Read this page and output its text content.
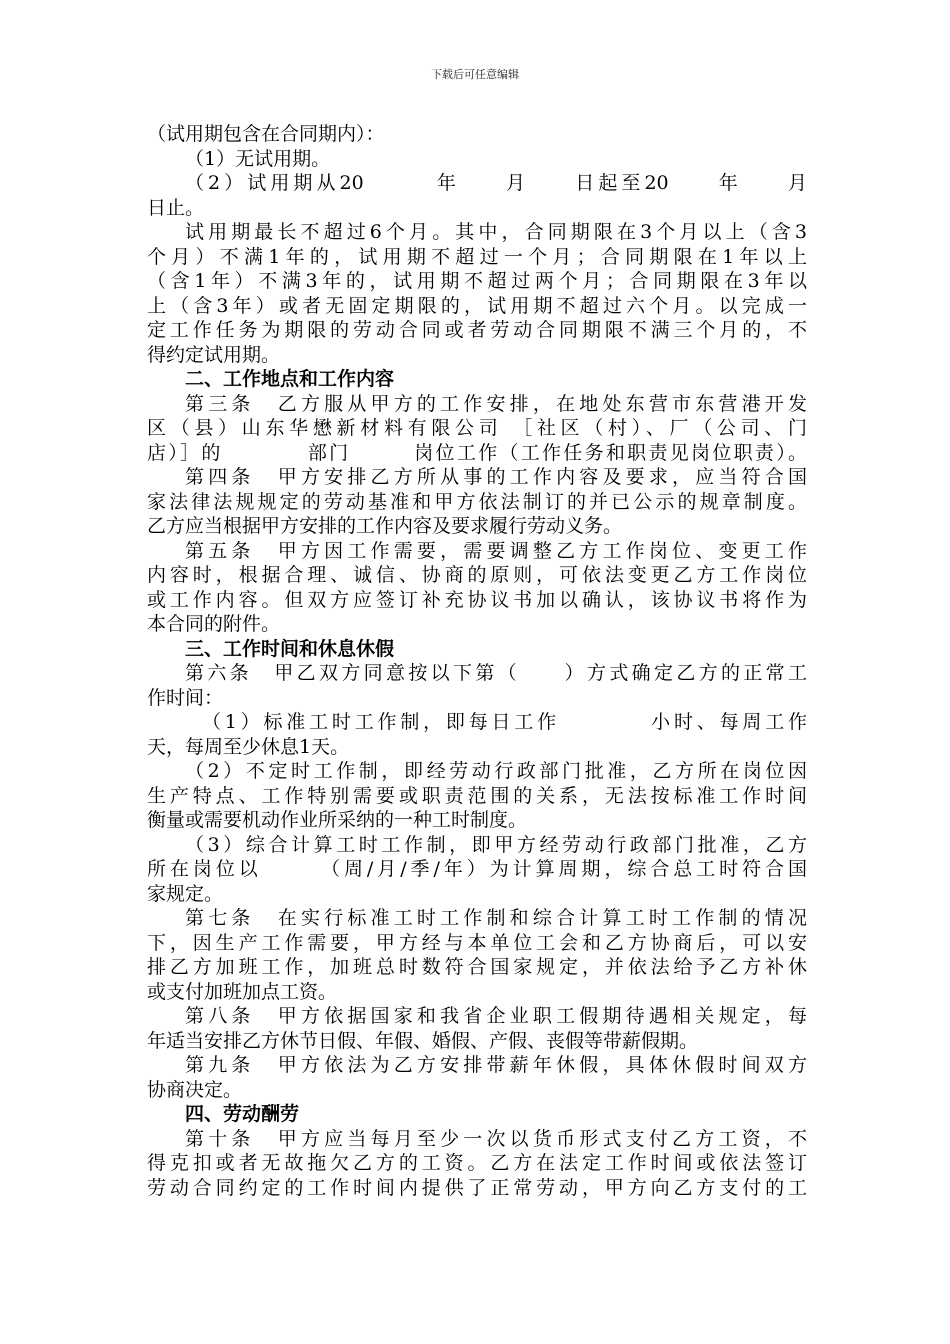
下载后可任意编辑
（试用期包含在合同期内）：
（1）无试用期。
（2）试用期从20　　　年　　月　　日起至20　　年　　月
日止。
试用期最长不超过6个月。其中，合同期限在3个月以上（含3
个月）不满1年的，试用期不超过一个月；合同期限在1年以上
（含1年）不满3年的，试用期不超过两个月；合同期限在3年以
上（含3年）或者无固定期限的，试用期不超过六个月。以完成一
定工作任务为期限的劳动合同或者劳动合同期限不满三个月的，不
得约定试用期。
二、工作地点和工作内容
第三条　乙方服从甲方的工作安排，在地处东营市东营港开发
区（县）山东华懋新材料有限公司 ［社区（村）、厂（公司、门
店）］的　　　　部门　　　岗位工作（工作任务和职责见岗位职责）。
第四条　甲方安排乙方所从事的工作内容及要求，应当符合国
家法律法规规定的劳动基准和甲方依法制订的并已公示的规章制度。
乙方应当根据甲方安排的工作内容及要求履行劳动义务。
第五条　甲方因工作需要，需要调整乙方工作岗位、变更工作
内容时，根据合理、诚信、协商的原则，可依法变更乙方工作岗位
或工作内容。但双方应签订补充协议书加以确认，该协议书将作为
本合同的附件。
三、工作时间和休息休假
第六条　甲乙双方同意按以下第（　　）方式确定乙方的正常工
作时间：
（1）标准工时工作制，即每日工作　　　　小时、每周工作
天，每周至少休息1天。
（2）不定时工作制，即经劳动行政部门批准，乙方所在岗位因
生产特点、工作特别需要或职责范围的关系，无法按标准工作时间
衡量或需要机动作业所采纳的一种工时制度。
（3）综合计算工时工作制，即甲方经劳动行政部门批准，乙方
所在岗位以　　　（周/月/季/年）为计算周期，综合总工时符合国
家规定。
第七条　在实行标准工时工作制和综合计算工时工作制的情况
下，因生产工作需要，甲方经与本单位工会和乙方协商后，可以安
排乙方加班工作，加班总时数符合国家规定，并依法给予乙方补休
或支付加班加点工资。
第八条　甲方依据国家和我省企业职工假期待遇相关规定，每
年适当安排乙方休节日假、年假、婚假、产假、丧假等带薪假期。
第九条　甲方依法为乙方安排带薪年休假，具体休假时间双方
协商决定。
四、劳动酬劳
第十条　甲方应当每月至少一次以货币形式支付乙方工资，不
得克扣或者无故拖欠乙方的工资。乙方在法定工作时间或依法签订
劳动合同约定的工作时间内提供了正常劳动，甲方向乙方支付的工
